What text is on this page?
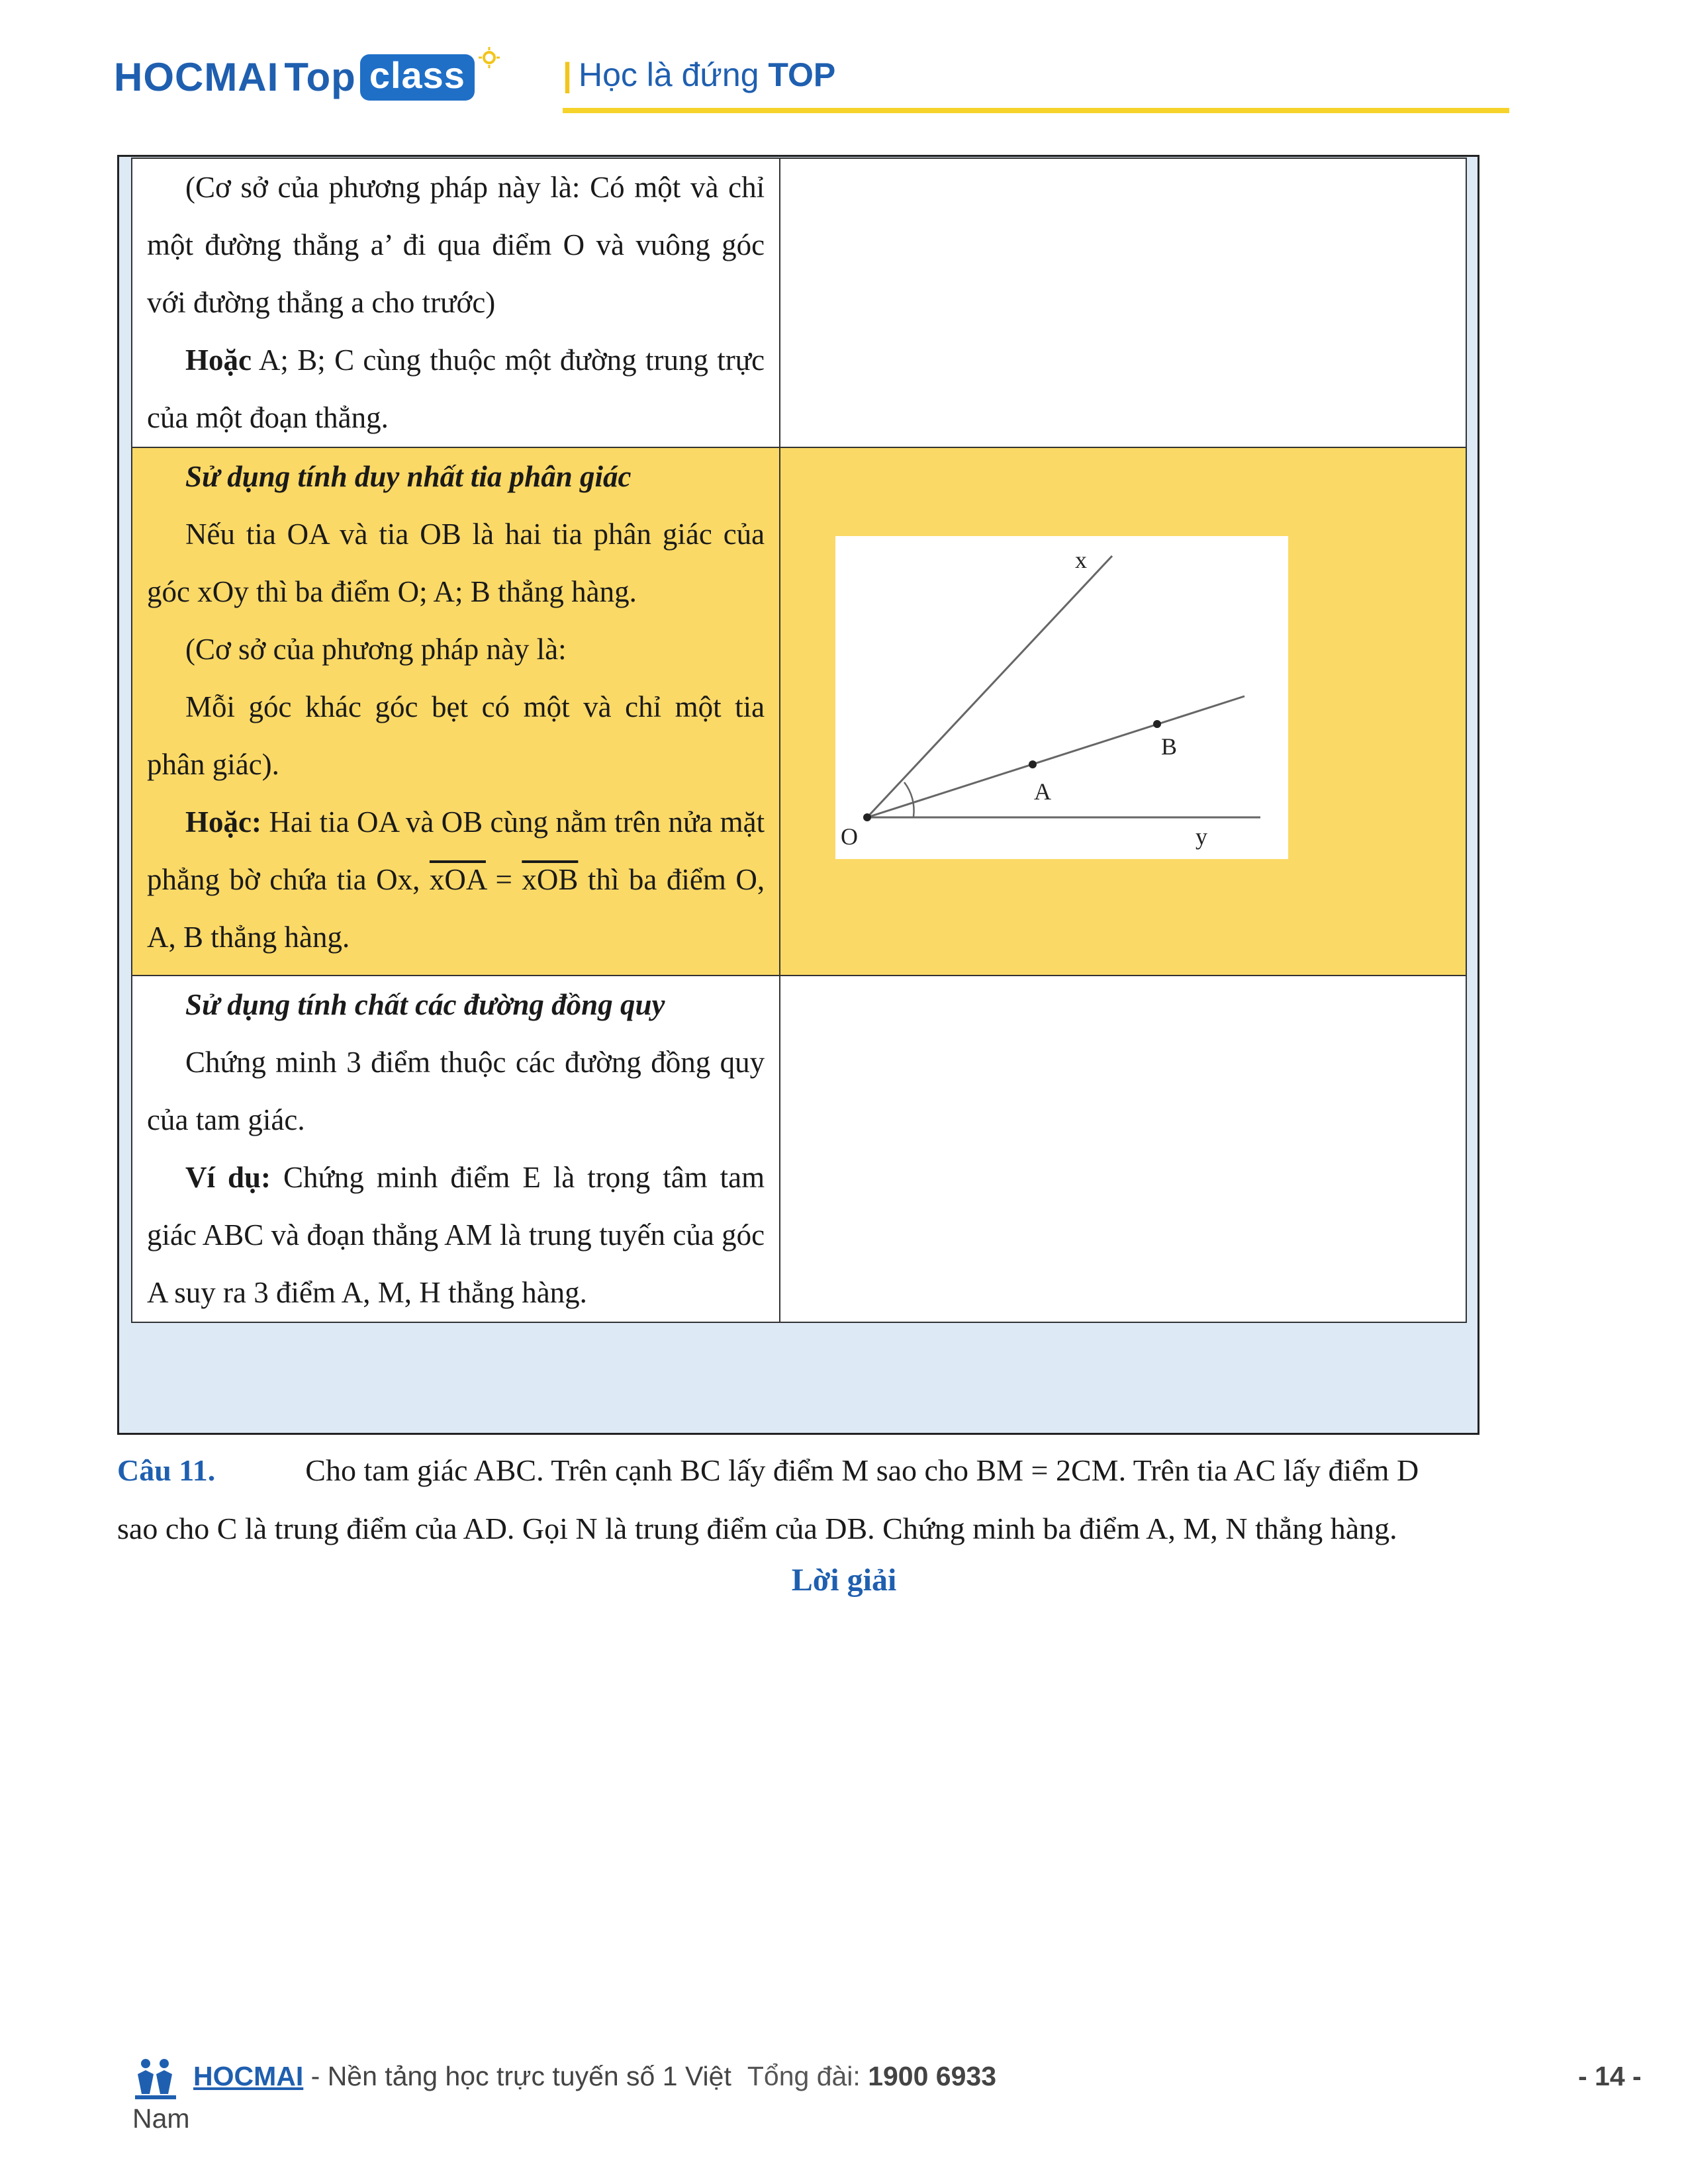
HOCMAI Top class	| Học là đứng TOP

(Cơ sở của phương pháp này là: Có một và chỉ một đường thẳng a’ đi qua điểm O và vuông góc với đường thẳng a cho trước)

Hoặc A; B; C cùng thuộc một đường trung trực của một đoạn thẳng.	

Sử dụng tính duy nhất tia phân giác

Nếu tia OA và tia OB là hai tia phân giác của góc xOy thì ba điểm O; A; B thẳng hàng.

(Cơ sở của phương pháp này là:

Mỗi góc khác góc bẹt có một và chỉ một tia phân giác).

Hoặc: Hai tia OA và OB cùng nằm trên nửa mặt phẳng bờ chứa tia Ox, $\overline{xOA} = \overline{xOB}$ thì ba điểm O, A, B thẳng hàng.	

Sử dụng tính chất các đường đồng quy

Chứng minh 3 điểm thuộc các đường đồng quy của tam giác.

Ví dụ: Chứng minh điểm E là trọng tâm tam giác ABC và đoạn thẳng AM là trung tuyến của góc A suy ra 3 điểm A, M, H thẳng hàng.	

x
y
O
A
B
Câu 11.	Cho tam giác ABC. Trên cạnh BC lấy điểm M sao cho BM = 2CM. Trên tia AC lấy điểm D
sao cho C là trung điểm của AD. Gọi N là trung điểm của DB. Chứng minh ba điểm A, M, N thẳng hàng.
Lời giải
HOCMAI - Nền tảng học trực tuyến số 1 Việt Tổng đài: 1900 6933	- 14 -
Nam
